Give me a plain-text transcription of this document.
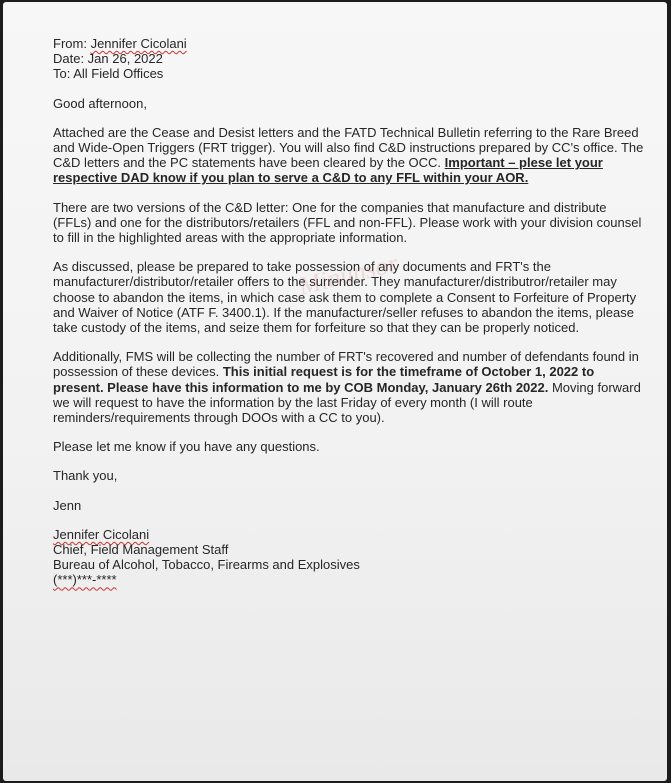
From: Jennifer Cicolani

Date: Jan 26, 2022

To: All Field Offices

Good afternoon,

Attached are the Cease and Desist letters and the FATD Technical Bulletin referring to the Rare Breed and Wide-Open Triggers (FRT trigger). You will also find C&D instructions prepared by CC's office. The C&D letters and the PC statements have been cleared by the OCC. Important – plese let your respective DAD know if you plan to serve a C&D to any FFL within your AOR.

There are two versions of the C&D letter: One for the companies that manufacture and distribute (FFLs) and one for the distributors/retailers (FFL and non-FFL). Please work with your division counsel to fill in the highlighted areas with the appropriate information.

As discussed, please be prepared to take possession of any documents and FRT's the manufacturer/distributor/retailer offers to the surrender. They manufacturer/distributror/retailer may choose to abandon the items, in which case ask them to complete a Consent to Forfeiture of Property and Waiver of Notice (ATF F. 3400.1). If the manufacturer/seller refuses to abandon the items, please take custody of the items, and seize them for forfeiture so that they can be properly noticed.

Additionally, FMS will be collecting the number of FRT's recovered and number of defendants found in possession of these devices. This initial request is for the timeframe of October 1, 2022 to present. Please have this information to me by COB Monday, January 26th 2022. Moving forward we will request to have the information by the last Friday of every month (I will route reminders/requirements through DOOs with a CC to you).

Please let me know if you have any questions.

Thank you,

Jenn

Jennifer Cicolani

Chief, Field Management Staff

Bureau of Alcohol, Tobacco, Firearms and Explosives

(***)***-****

Minunsor
